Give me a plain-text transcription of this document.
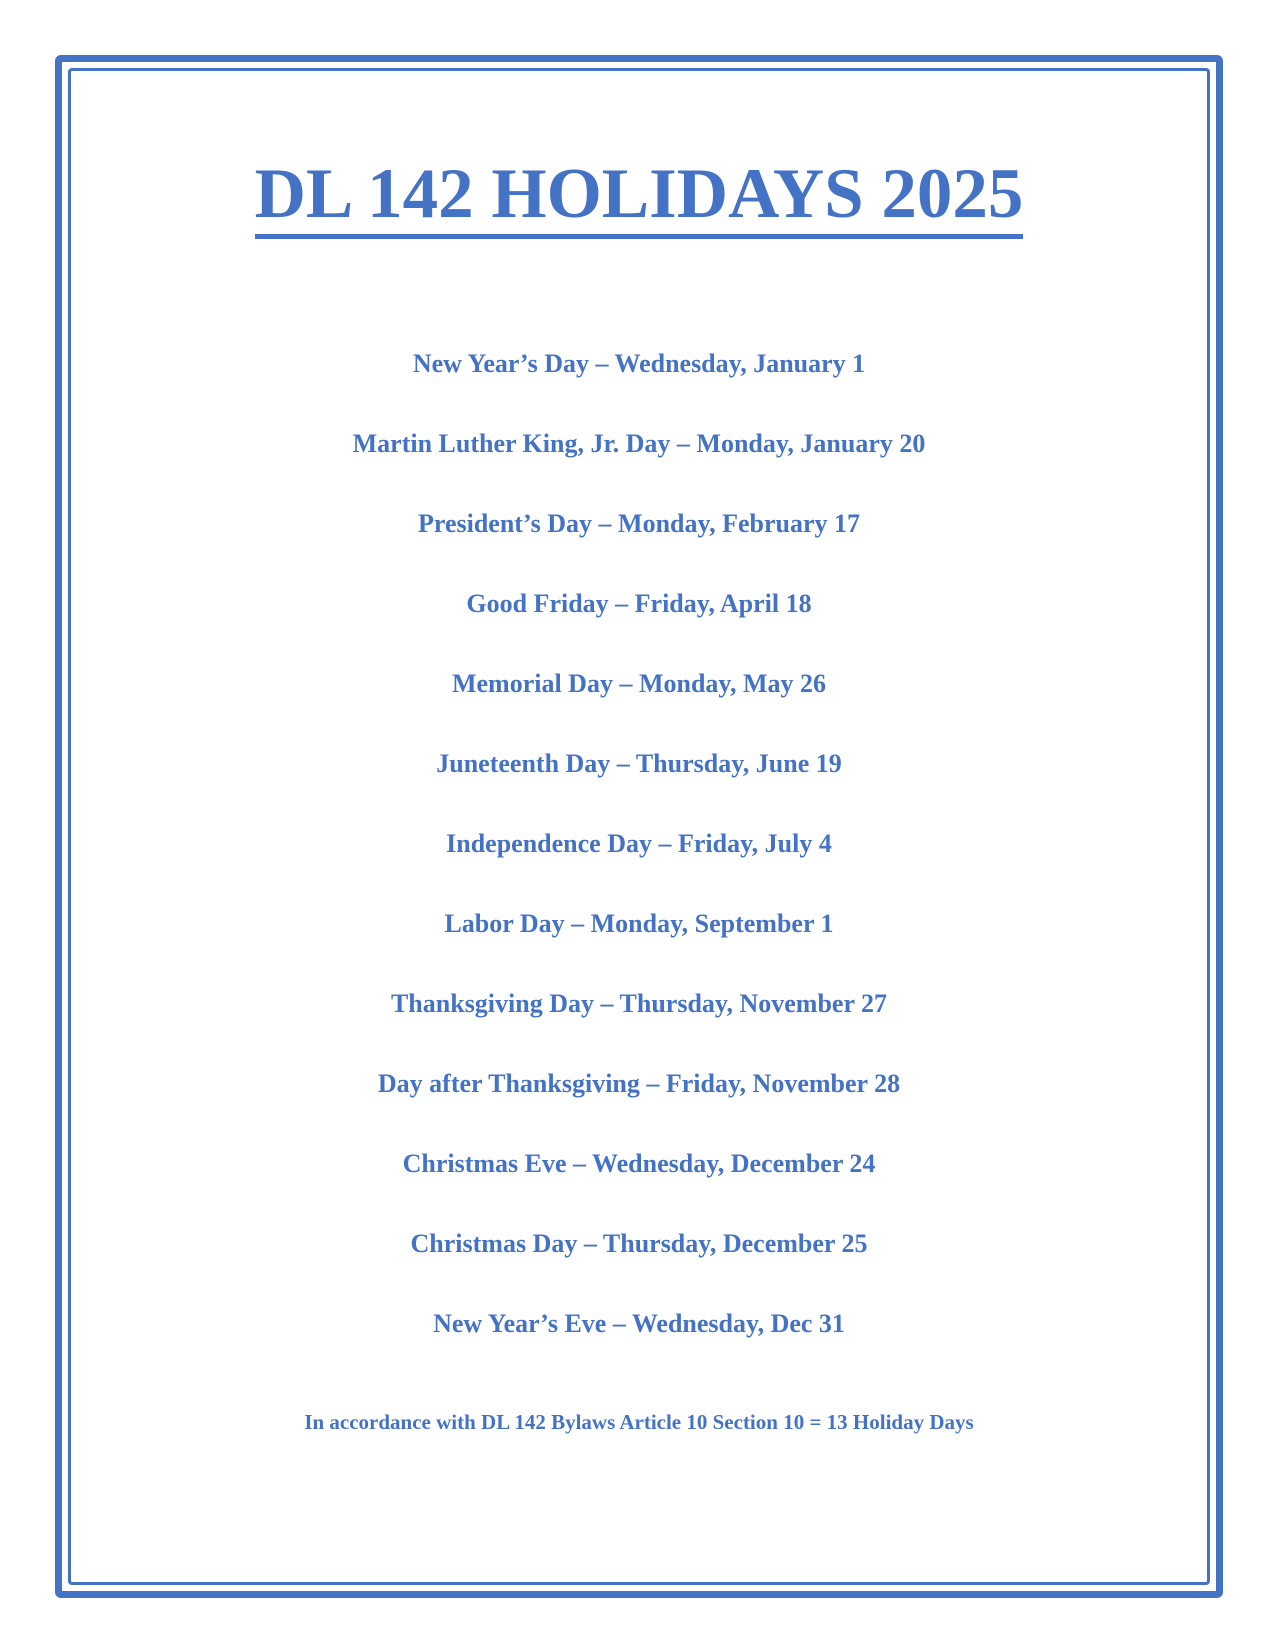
DL 142 HOLIDAYS 2025
New Year’s Day – Wednesday, January 1
Martin Luther King, Jr. Day – Monday, January 20
President’s Day – Monday, February 17
Good Friday – Friday, April 18
Memorial Day – Monday, May 26
Juneteenth Day – Thursday, June 19
Independence Day – Friday, July 4
Labor Day – Monday, September 1
Thanksgiving Day – Thursday, November 27
Day after Thanksgiving – Friday, November 28
Christmas Eve – Wednesday, December 24
Christmas Day – Thursday, December 25
New Year’s Eve – Wednesday, Dec 31

In accordance with DL 142 Bylaws Article 10 Section 10 = 13 Holiday Days
